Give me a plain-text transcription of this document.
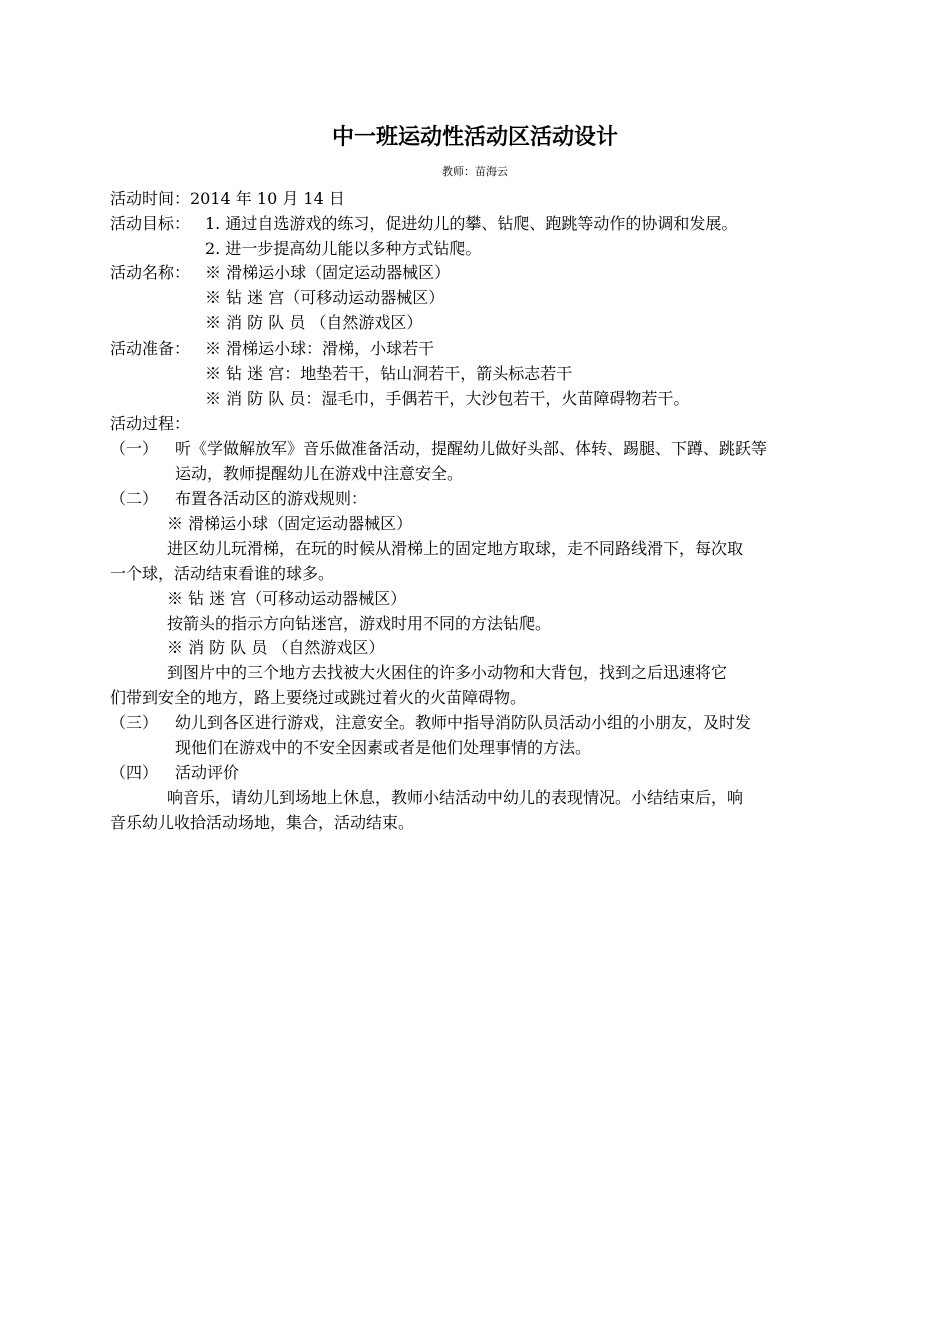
中一班运动性活动区活动设计
教师：苗海云
活动时间：2014 年 10 月 14 日
活动目标： 1. 通过自选游戏的练习，促进幼儿的攀、钻爬、跑跳等动作的协调和发展。
2. 进一步提高幼儿能以多种方式钻爬。
活动名称： ※ 滑梯运小球（固定运动器械区）
※ 钻 迷 宫（可移动运动器械区）
※ 消 防 队 员 （自然游戏区）
活动准备： ※ 滑梯运小球：滑梯，小球若干
※ 钻 迷 宫：地垫若干，钻山洞若干，箭头标志若干
※ 消 防 队 员：湿毛巾，手偶若干，大沙包若干，火苗障碍物若干。
活动过程：
（一） 听《学做解放军》音乐做准备活动，提醒幼儿做好头部、体转、踢腿、下蹲、跳跃等
运动，教师提醒幼儿在游戏中注意安全。
（二） 布置各活动区的游戏规则：
※ 滑梯运小球（固定运动器械区）
进区幼儿玩滑梯，在玩的时候从滑梯上的固定地方取球，走不同路线滑下，每次取
一个球，活动结束看谁的球多。
※ 钻 迷 宫（可移动运动器械区）
按箭头的指示方向钻迷宫，游戏时用不同的方法钻爬。
※ 消 防 队 员 （自然游戏区）
到图片中的三个地方去找被大火困住的许多小动物和大背包，找到之后迅速将它
们带到安全的地方，路上要绕过或跳过着火的火苗障碍物。
（三） 幼儿到各区进行游戏，注意安全。教师中指导消防队员活动小组的小朋友，及时发
现他们在游戏中的不安全因素或者是他们处理事情的方法。
（四） 活动评价
响音乐，请幼儿到场地上休息，教师小结活动中幼儿的表现情况。小结结束后，响
音乐幼儿收拾活动场地，集合，活动结束。
